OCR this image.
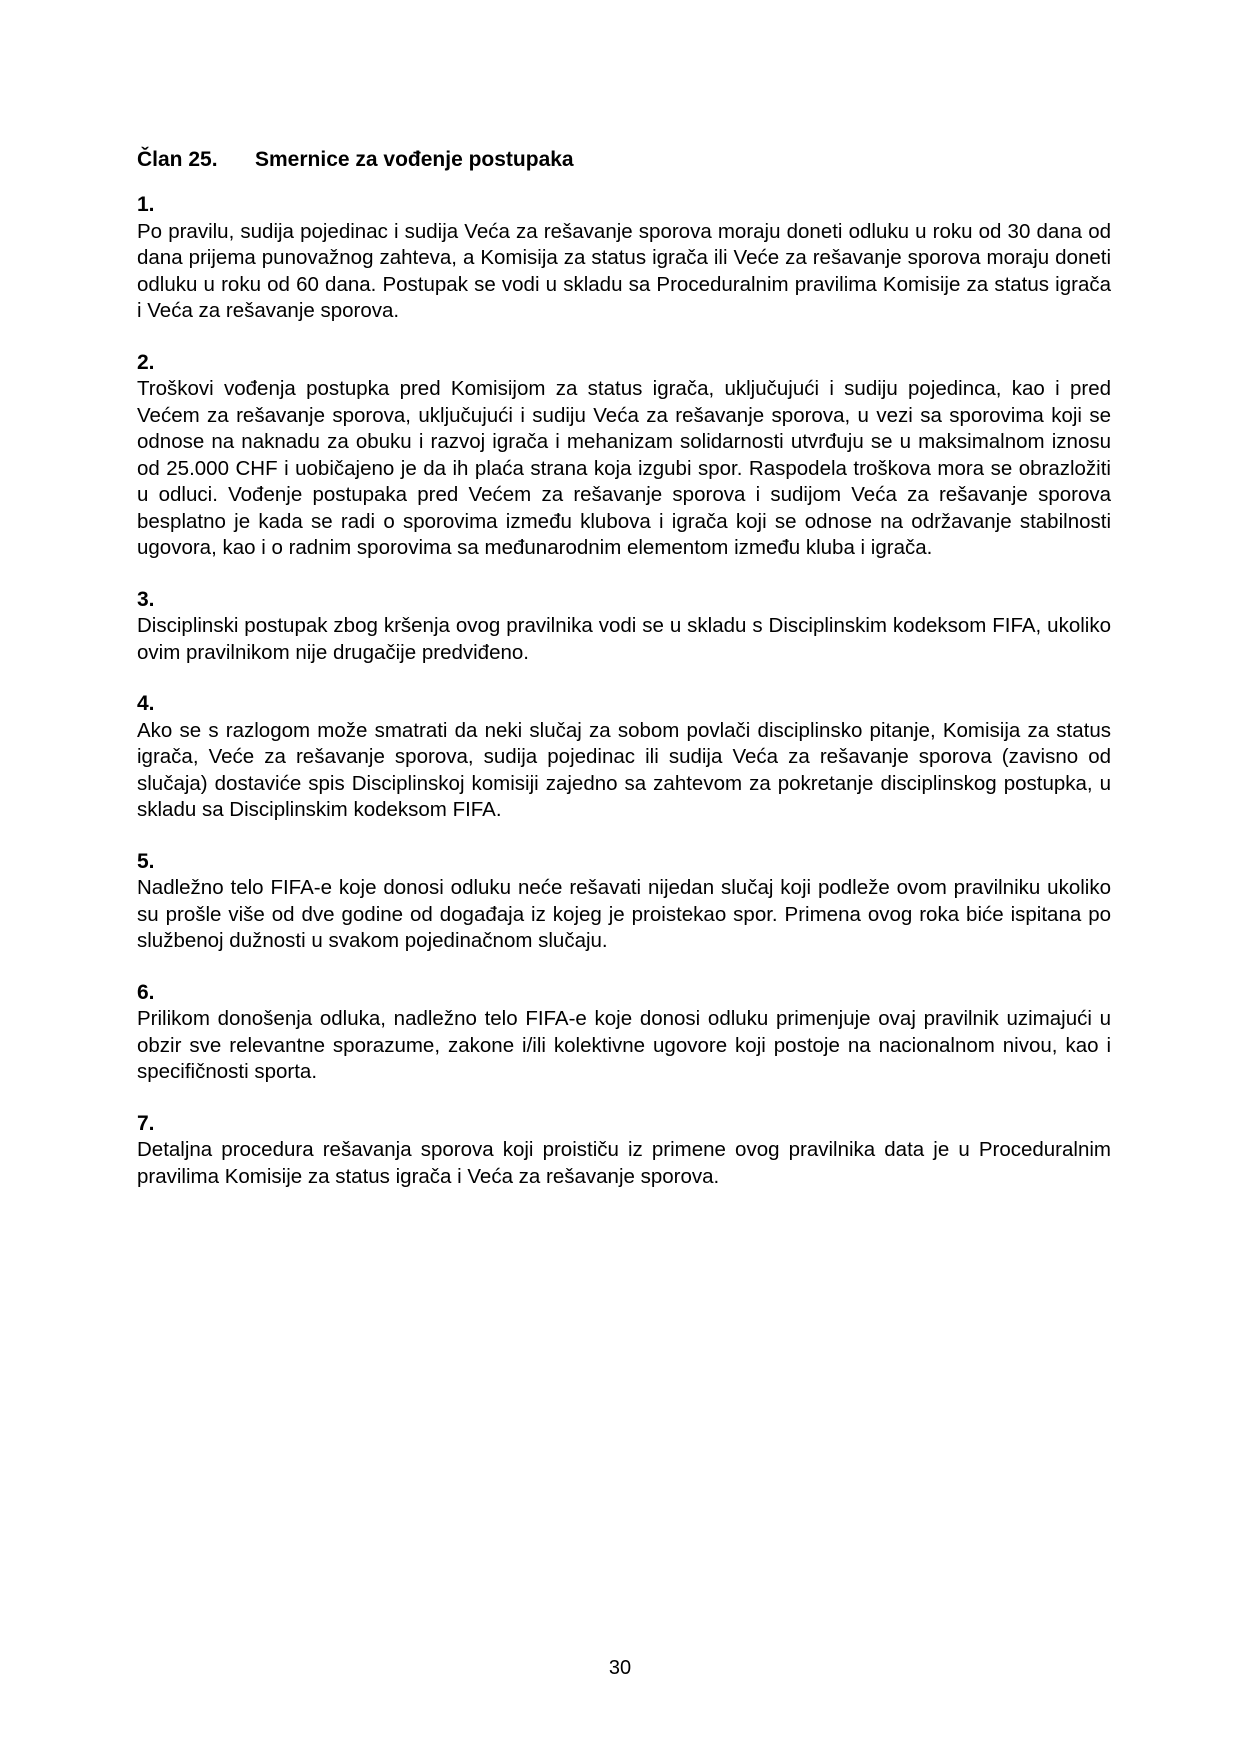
Član 25.	Smernice za vođenje postupaka

1.

Po pravilu, sudija pojedinac i sudija Veća za rešavanje sporova moraju doneti odluku u roku od 30 dana od dana prijema punovažnog zahteva, a Komisija za status igrača ili Veće za rešavanje sporova moraju doneti odluku u roku od 60 dana. Postupak se vodi u skladu sa Proceduralnim pravilima Komisije za status igrača i Veća za rešavanje sporova.

2.

Troškovi vođenja postupka pred Komisijom za status igrača, uključujući i sudiju pojedinca, kao i pred Većem za rešavanje sporova, uključujući i sudiju Veća za rešavanje sporova, u vezi sa sporovima koji se odnose na naknadu za obuku i razvoj igrača i mehanizam solidarnosti utvrđuju se u maksimalnom iznosu od 25.000 CHF i uobičajeno je da ih plaća strana koja izgubi spor. Raspodela troškova mora se obrazložiti u odluci. Vođenje postupaka pred Većem za rešavanje sporova i sudijom Veća za rešavanje sporova besplatno je kada se radi o sporovima između klubova i igrača koji se odnose na održavanje stabilnosti ugovora, kao i o radnim sporovima sa međunarodnim elementom između kluba i igrača.

3.

Disciplinski postupak zbog kršenja ovog pravilnika vodi se u skladu s Disciplinskim kodeksom FIFA, ukoliko ovim pravilnikom nije drugačije predviđeno.

4.

Ako se s razlogom može smatrati da neki slučaj za sobom povlači disciplinsko pitanje, Komisija za status igrača, Veće za rešavanje sporova, sudija pojedinac ili sudija Veća za rešavanje sporova (zavisno od slučaja) dostaviće spis Disciplinskoj komisiji zajedno sa zahtevom za pokretanje disciplinskog postupka, u skladu sa Disciplinskim kodeksom FIFA.

5.

Nadležno telo FIFA-e koje donosi odluku neće rešavati nijedan slučaj koji podleže ovom pravilniku ukoliko su prošle više od dve godine od događaja iz kojeg je proistekao spor. Primena ovog roka biće ispitana po službenoj dužnosti u svakom pojedinačnom slučaju.

6.

Prilikom donošenja odluka, nadležno telo FIFA-e koje donosi odluku primenjuje ovaj pravilnik uzimajući u obzir sve relevantne sporazume, zakone i/ili kolektivne ugovore koji postoje na nacionalnom nivou, kao i specifičnosti sporta.

7.

Detaljna procedura rešavanja sporova koji proističu iz primene ovog pravilnika data je u Proceduralnim pravilima Komisije za status igrača i Veća za rešavanje sporova.

30
